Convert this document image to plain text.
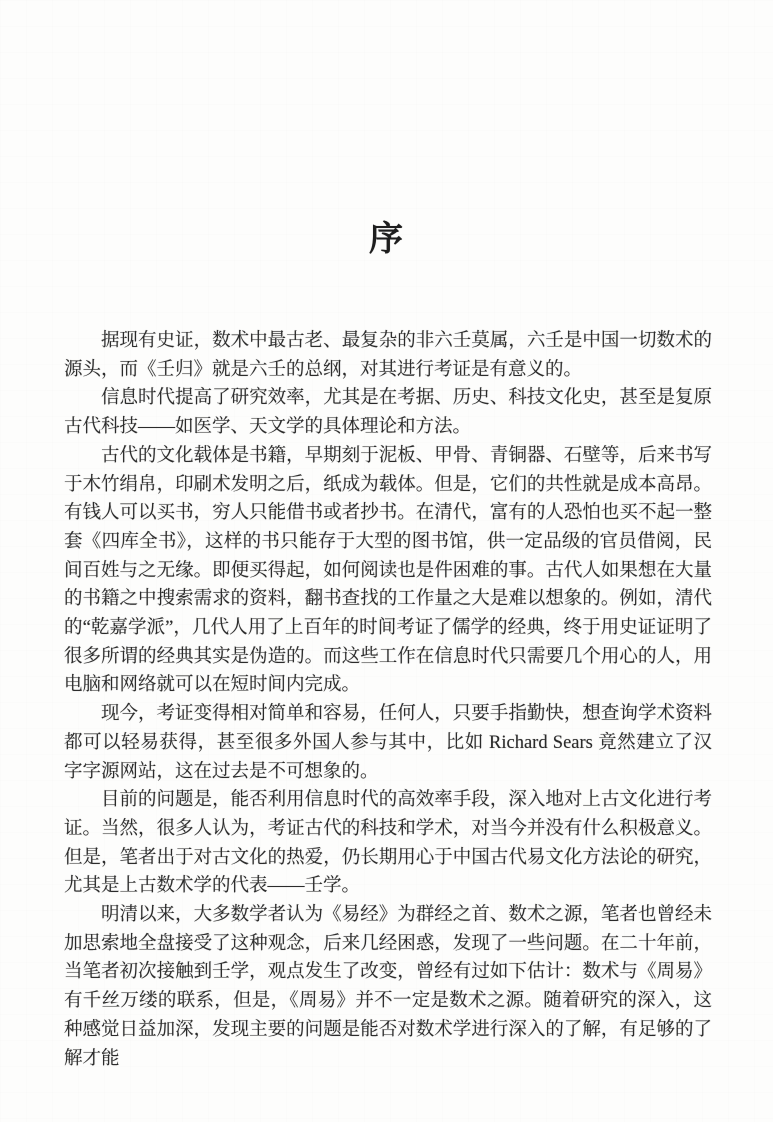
序

据现有史证，数术中最古老、最复杂的非六壬莫属，六壬是中国一切数术的源头，而《壬归》就是六壬的总纲，对其进行考证是有意义的。

信息时代提高了研究效率，尤其是在考据、历史、科技文化史，甚至是复原古代科技——如医学、天文学的具体理论和方法。

古代的文化载体是书籍，早期刻于泥板、甲骨、青铜器、石壁等，后来书写于木竹绢帛，印刷术发明之后，纸成为载体。但是，它们的共性就是成本高昂。有钱人可以买书，穷人只能借书或者抄书。在清代，富有的人恐怕也买不起一整套《四库全书》，这样的书只能存于大型的图书馆，供一定品级的官员借阅，民间百姓与之无缘。即便买得起，如何阅读也是件困难的事。古代人如果想在大量的书籍之中搜索需求的资料，翻书查找的工作量之大是难以想象的。例如，清代的“乾嘉学派”，几代人用了上百年的时间考证了儒学的经典，终于用史证证明了很多所谓的经典其实是伪造的。而这些工作在信息时代只需要几个用心的人，用电脑和网络就可以在短时间内完成。

现今，考证变得相对简单和容易，任何人，只要手指勤快，想查询学术资料都可以轻易获得，甚至很多外国人参与其中，比如 Richard Sears 竟然建立了汉字字源网站，这在过去是不可想象的。

目前的问题是，能否利用信息时代的高效率手段，深入地对上古文化进行考证。当然，很多人认为，考证古代的科技和学术，对当今并没有什么积极意义。但是，笔者出于对古文化的热爱，仍长期用心于中国古代易文化方法论的研究，尤其是上古数术学的代表——壬学。

明清以来，大多数学者认为《易经》为群经之首、数术之源，笔者也曾经未加思索地全盘接受了这种观念，后来几经困惑，发现了一些问题。在二十年前，当笔者初次接触到壬学，观点发生了改变，曾经有过如下估计：数术与《周易》有千丝万缕的联系，但是，《周易》并不一定是数术之源。随着研究的深入，这种感觉日益加深，发现主要的问题是能否对数术学进行深入的了解，有足够的了解才能
